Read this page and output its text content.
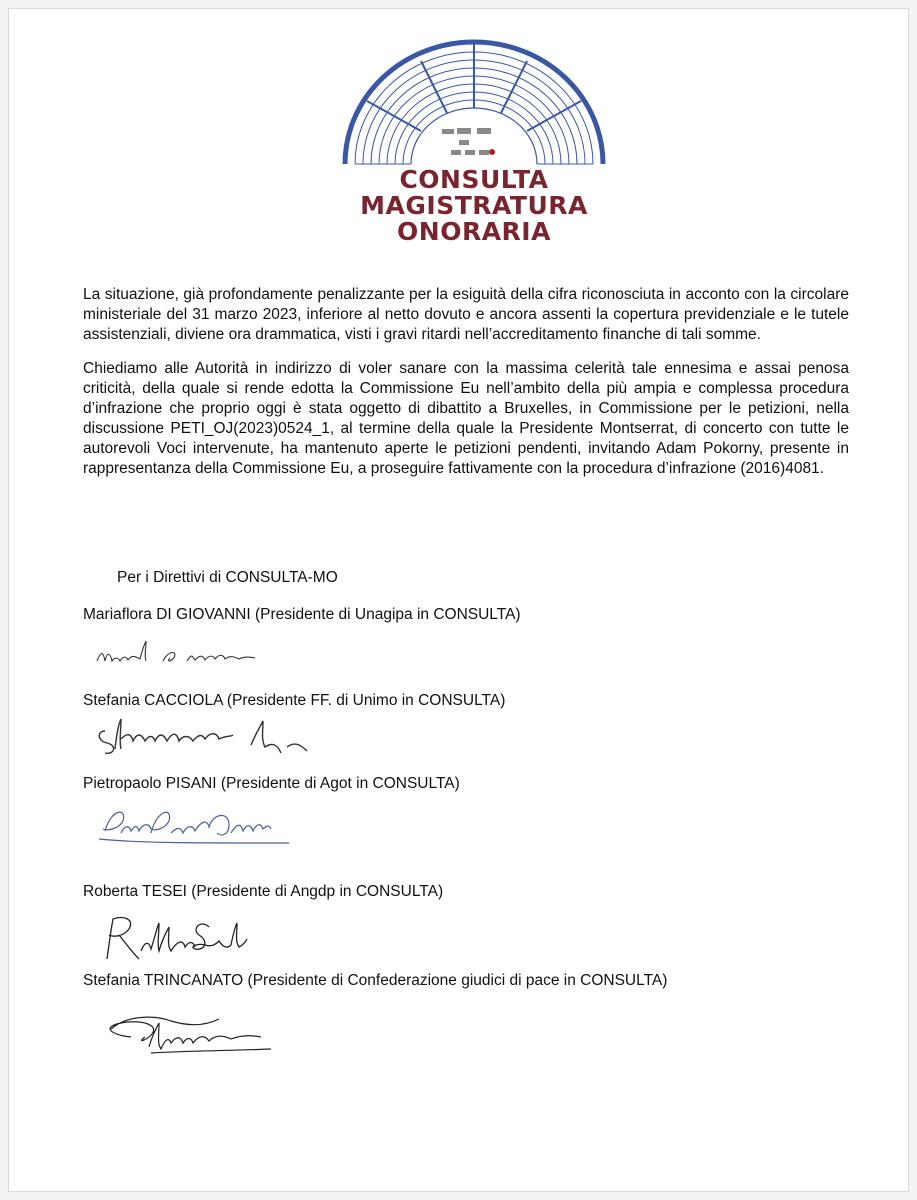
CONSULTA
MAGISTRATURA
ONORARIA

La situazione, già profondamente penalizzante per la esiguità della cifra riconosciuta in acconto con la circolare ministeriale del 31 marzo 2023, inferiore al netto dovuto e ancora assenti la copertura previdenziale e le tutele assistenziali, diviene ora drammatica, visti i gravi ritardi nell’accreditamento finanche di tali somme.

Chiediamo alle Autorità in indirizzo di voler sanare con la massima celerità tale ennesima e assai penosa criticità, della quale si rende edotta la Commissione Eu nell’ambito della più ampia e complessa procedura d’infrazione che proprio oggi è stata oggetto di dibattito a Bruxelles, in Commissione per le petizioni, nella discussione PETI_OJ(2023)0524_1, al termine della quale la Presidente Montserrat, di concerto con tutte le autorevoli Voci intervenute, ha mantenuto aperte le petizioni pendenti, invitando Adam Pokorny, presente in rappresentanza della Commissione Eu, a proseguire fattivamente con la procedura d’infrazione (2016)4081.

Per i Direttivi di CONSULTA-MO
Mariaflora DI GIOVANNI (Presidente di Unagipa in CONSULTA)
Stefania CACCIOLA (Presidente FF. di Unimo in CONSULTA)
Pietropaolo PISANI (Presidente di Agot in CONSULTA)
Roberta TESEI (Presidente di Angdp in CONSULTA)
Stefania TRINCANATO (Presidente di Confederazione giudici di pace in CONSULTA)
